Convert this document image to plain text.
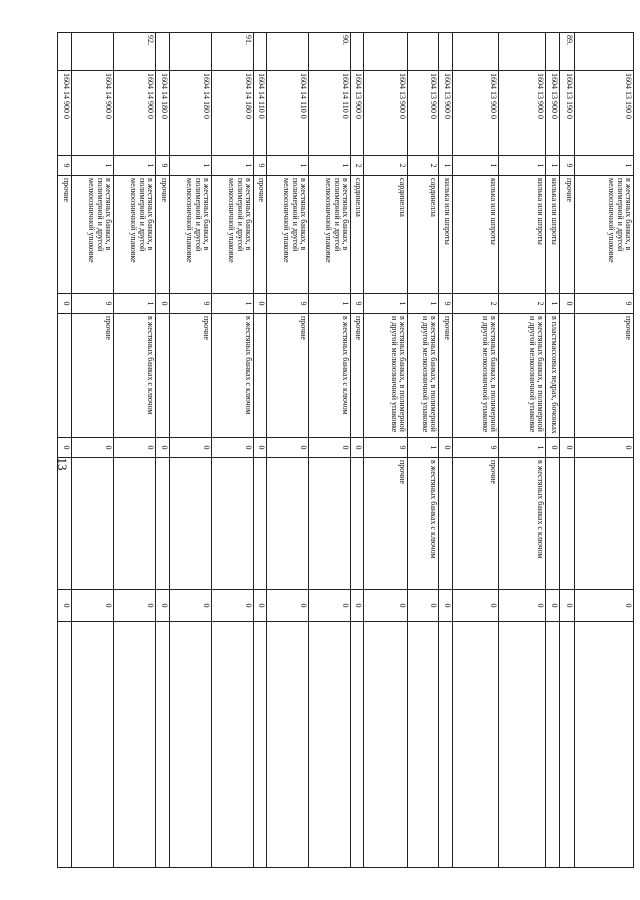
13
	1604 13 190 0	1	в жестяных банках, в полимерной и другой мелкоозничной упаковке	9	прочие	0		0	
89.	1604 13 190 0	9	прочие	0		0		0	
	1604 13 900 0	1	килька или шпроты	1	в пластмассовых ведрах, бочонках	0		0	
	1604 13 900 0	1	килька или шпроты	2	в жестяных банках, в полимерной и другой мелкоозничной упаковке	1	в жестяных банках с ключом	0	
	1604 13 900 0	1	килька или шпроты	2	в жестяных банках, в полимерной и другой мелкоозничной упаковке	9	прочие	0	
	1604 13 900 0	1	килька или шпроты	9	прочие	0		0	
	1604 13 900 0	2	сардинелла	1	в жестяных банках, в полимерной и другой мелкоозничной упаковке	1	в жестяных банках с ключом	0	
	1604 13 900 0	2	сардинелла	1	в жестяных банках, в полимерной и другой мелкоозничной упаковке	9	прочие	0	
	1604 13 900 0	2	сардинелла	9	прочие	0		0	
90.	1604 14 110 0	1	в жестяных банках, в полимерной и другой мелкоозничной упаковке	1	в жестяных банках с ключом	0		0	
	1604 14 110 0	1	в жестяных банках, в полимерной и другой мелкоозничной упаковке	9	прочие	0		0	
	1604 14 110 0	9	прочие	0		0		0	
91.	1604 14 180 0	1	в жестяных банках, в полимерной и другой мелкоозничной упаковке	1	в жестяных банках с ключом	0		0	
	1604 14 180 0	1	в жестяных банках, в полимерной и другой мелкоозничной упаковке	9	прочие	0		0	
	1604 14 180 0	9	прочие	0		0		0	
92.	1604 14 900 0	1	в жестяных банках, в полимерной и другой мелкоозничной упаковке	1	в жестяных банках с ключом	0		0	
	1604 14 900 0	1	в жестяных банках, в полимерной и другой мелкоозничной упаковке	9	прочие	0		0	
	1604 14 900 0	9	прочие	0		0		0	
